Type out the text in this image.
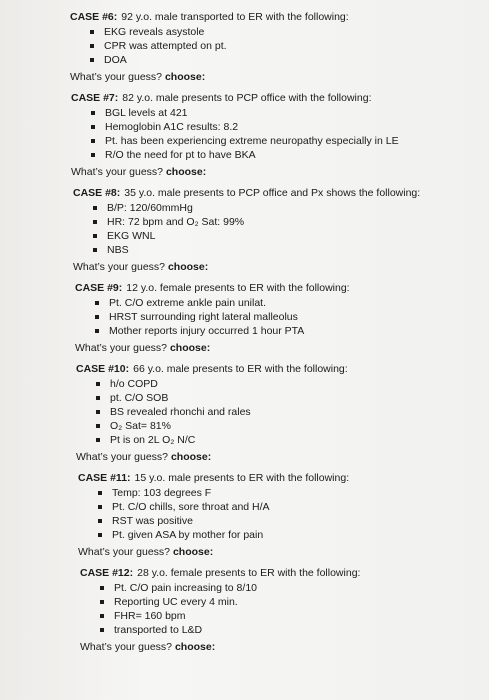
CASE #6: 92 y.o. male transported to ER with the following:
EKG reveals asystole
CPR was attempted on pt.
DOA
What’s your guess? choose:
CASE #7: 82 y.o. male presents to PCP office with the following:
BGL levels at 421
Hemoglobin A1C results: 8.2
Pt. has been experiencing extreme neuropathy especially in LE
R/O the need for pt to have BKA
What’s your guess? choose:
CASE #8: 35 y.o. male presents to PCP office and Px shows the following:
B/P: 120/60mmHg
HR: 72 bpm and O₂ Sat: 99%
EKG WNL
NBS
What’s your guess? choose:
CASE #9: 12 y.o. female presents to ER with the following:
Pt. C/O extreme ankle pain unilat.
HRST surrounding right lateral malleolus
Mother reports injury occurred 1 hour PTA
What’s your guess? choose:
CASE #10: 66 y.o. male presents to ER with the following:
h/o COPD
pt. C/O SOB
BS revealed rhonchi and rales
O₂ Sat= 81%
Pt is on 2L O₂ N/C
What’s your guess? choose:
CASE #11: 15 y.o. male presents to ER with the following:
Temp: 103 degrees F
Pt. C/O chills, sore throat and H/A
RST was positive
Pt. given ASA by mother for pain
What’s your guess? choose:
CASE #12: 28 y.o. female presents to ER with the following:
Pt. C/O pain increasing to 8/10
Reporting UC every 4 min.
FHR= 160 bpm
transported to L&D
What’s your guess? choose:
